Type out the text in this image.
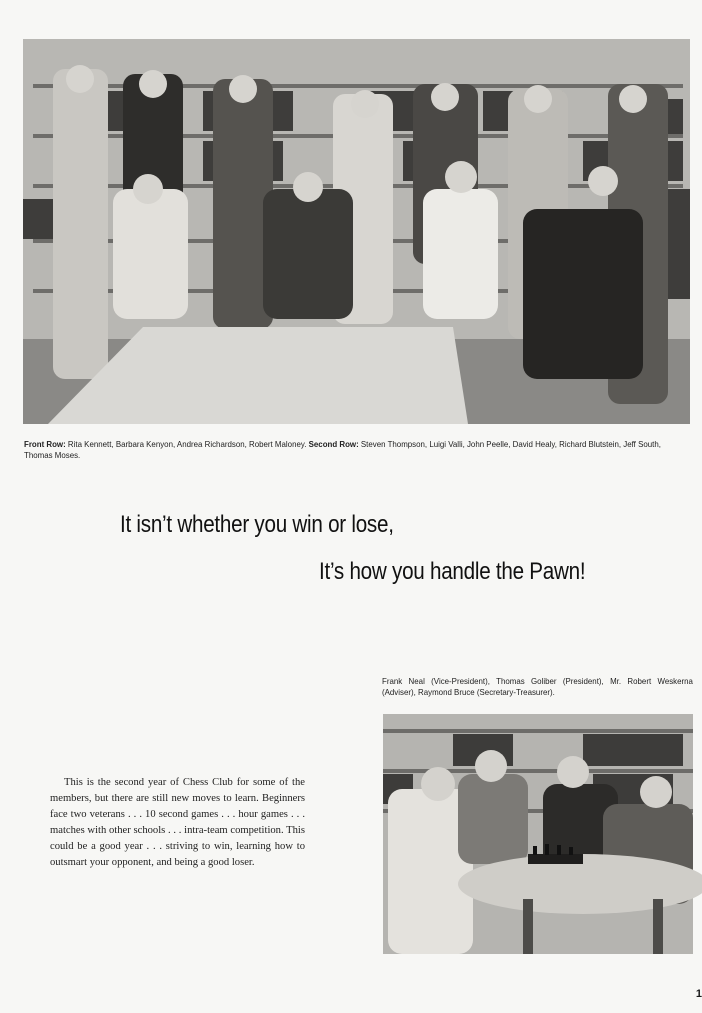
Front Row: Rita Kennett, Barbara Kenyon, Andrea Richardson, Robert Maloney. Second Row: Steven Thompson, Luigi Valli, John Peelle, David Healy, Richard Blutstein, Jeff South, Thomas Moses.
It isn’t whether you win or lose,
It’s how you handle the Pawn!
Frank Neal (Vice-President), Thomas Goliber (President), Mr. Robert Weskerna (Adviser), Raymond Bruce (Secretary-Treasurer).

This is the second year of Chess Club for some of the members, but there are still new moves to learn. Beginners face two veterans . . . 10 second games . . . hour games . . . matches with other schools . . . intra-team competition. This could be a good year . . . striving to win, learning how to outsmart your opponent, and being a good loser.

1
